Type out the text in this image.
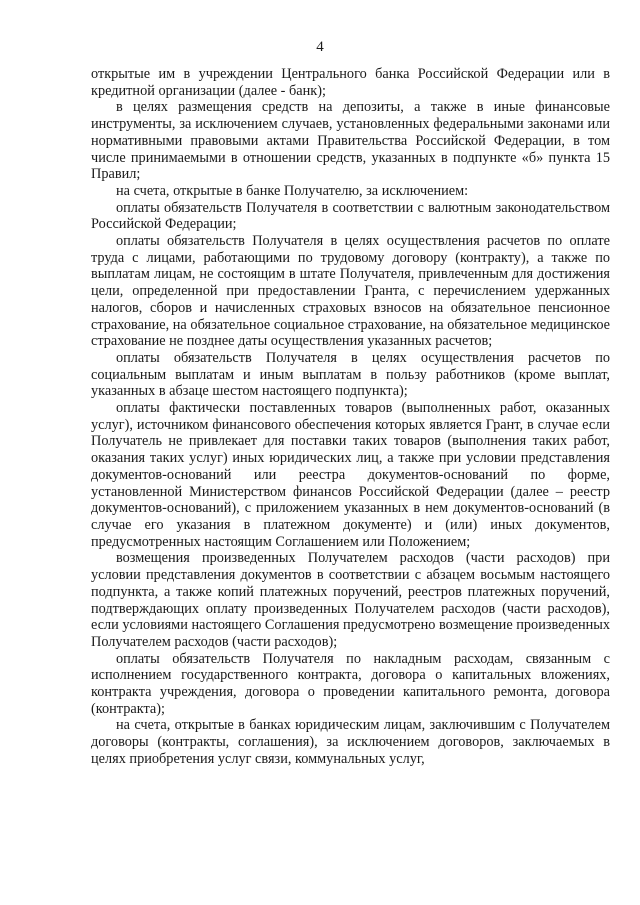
4

открытые им в учреждении Центрального банка Российской Федерации или в кредитной организации (далее - банк);

в целях размещения средств на депозиты, а также в иные финансовые инструменты, за исключением случаев, установленных федеральными законами или нормативными правовыми актами Правительства Российской Федерации, в том числе принимаемыми в отношении средств, указанных в подпункте «б» пункта 15 Правил;

на счета, открытые в банке Получателю, за исключением:

оплаты обязательств Получателя в соответствии с валютным законодательством Российской Федерации;

оплаты обязательств Получателя в целях осуществления расчетов по оплате труда с лицами, работающими по трудовому договору (контракту), а также по выплатам лицам, не состоящим в штате Получателя, привлеченным для достижения цели, определенной при предоставлении Гранта, с перечислением удержанных налогов, сборов и начисленных страховых взносов на обязательное пенсионное страхование, на обязательное социальное страхование, на обязательное медицинское страхование не позднее даты осуществления указанных расчетов;

оплаты обязательств Получателя в целях осуществления расчетов по социальным выплатам и иным выплатам в пользу работников (кроме выплат, указанных в абзаце шестом настоящего подпункта);

оплаты фактически поставленных товаров (выполненных работ, оказанных услуг), источником финансового обеспечения которых является Грант, в случае если Получатель не привлекает для поставки таких товаров (выполнения таких работ, оказания таких услуг) иных юридических лиц, а также при условии представления документов-оснований или реестра документов-оснований по форме, установленной Министерством финансов Российской Федерации (далее – реестр документов-оснований), с приложением указанных в нем документов-оснований (в случае его указания в платежном документе) и (или) иных документов, предусмотренных настоящим Соглашением или Положением;

возмещения произведенных Получателем расходов (части расходов) при условии представления документов в соответствии с абзацем восьмым настоящего подпункта, а также копий платежных поручений, реестров платежных поручений, подтверждающих оплату произведенных Получателем расходов (части расходов), если условиями настоящего Соглашения предусмотрено возмещение произведенных Получателем расходов (части расходов);

оплаты обязательств Получателя по накладным расходам, связанным с исполнением государственного контракта, договора о капитальных вложениях, контракта учреждения, договора о проведении капитального ремонта, договора (контракта);

на счета, открытые в банках юридическим лицам, заключившим с Получателем договоры (контракты, соглашения), за исключением договоров, заключаемых в целях приобретения услуг связи, коммунальных услуг,
